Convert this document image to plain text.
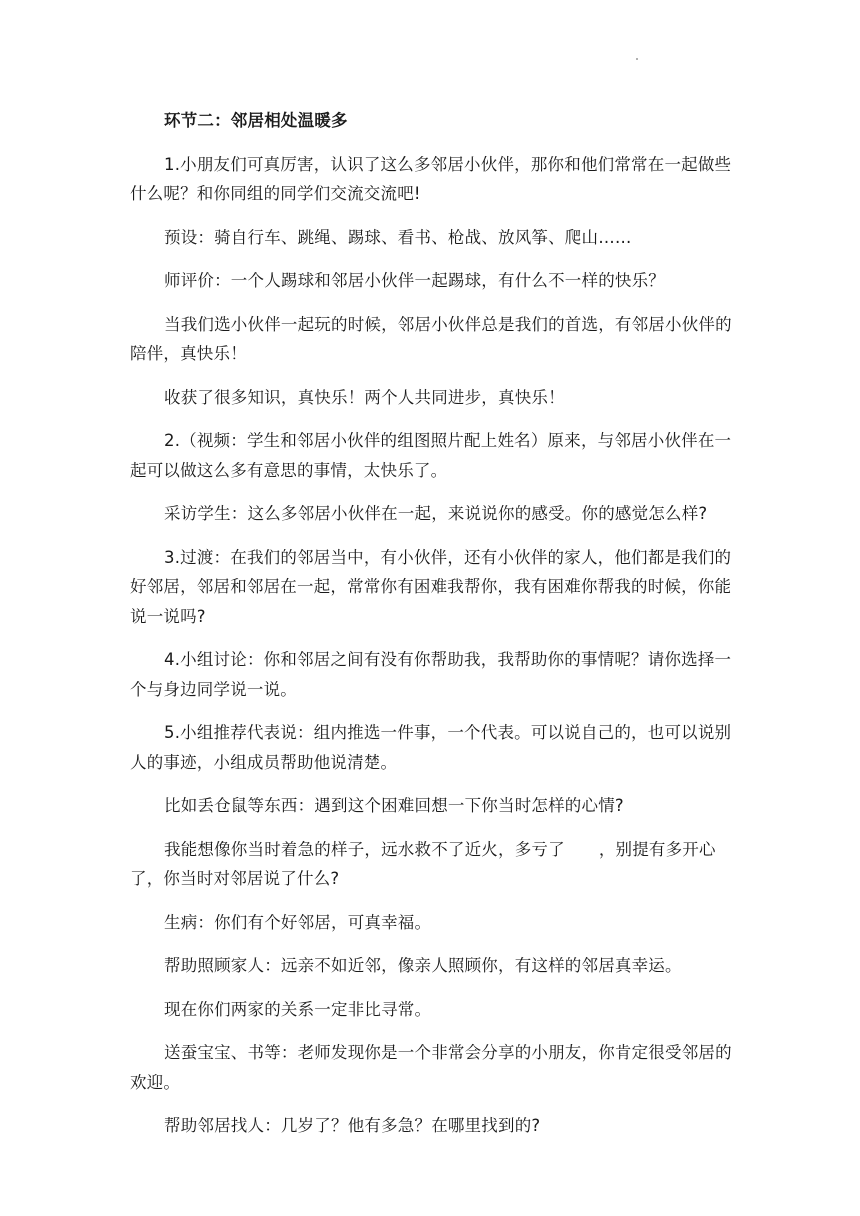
环节二：邻居相处温暖多

1.小朋友们可真厉害，认识了这么多邻居小伙伴，那你和他们常常在一起做些什么呢？和你同组的同学们交流交流吧!

预设：骑自行车、跳绳、踢球、看书、枪战、放风筝、爬山……

师评价：一个人踢球和邻居小伙伴一起踢球，有什么不一样的快乐？

当我们选小伙伴一起玩的时候，邻居小伙伴总是我们的首选，有邻居小伙伴的陪伴，真快乐！

收获了很多知识，真快乐！两个人共同进步，真快乐！

2.（视频：学生和邻居小伙伴的组图照片配上姓名）原来，与邻居小伙伴在一起可以做这么多有意思的事情，太快乐了。

采访学生：这么多邻居小伙伴在一起，来说说你的感受。你的感觉怎么样?

3.过渡：在我们的邻居当中，有小伙伴，还有小伙伴的家人，他们都是我们的好邻居，邻居和邻居在一起，常常你有困难我帮你，我有困难你帮我的时候，你能说一说吗?

4.小组讨论：你和邻居之间有没有你帮助我，我帮助你的事情呢？请你选择一个与身边同学说一说。

5.小组推荐代表说：组内推选一件事，一个代表。可以说自己的，也可以说别人的事迹，小组成员帮助他说清楚。

比如丢仓鼠等东西：遇到这个困难回想一下你当时怎样的心情?

我能想像你当时着急的样子，远水救不了近火，多亏了 ，别提有多开心了，你当时对邻居说了什么?

生病：你们有个好邻居，可真幸福。

帮助照顾家人：远亲不如近邻，像亲人照顾你，有这样的邻居真幸运。

现在你们两家的关系一定非比寻常。

送蚕宝宝、书等：老师发现你是一个非常会分享的小朋友，你肯定很受邻居的欢迎。

帮助邻居找人：几岁了？他有多急？在哪里找到的?
